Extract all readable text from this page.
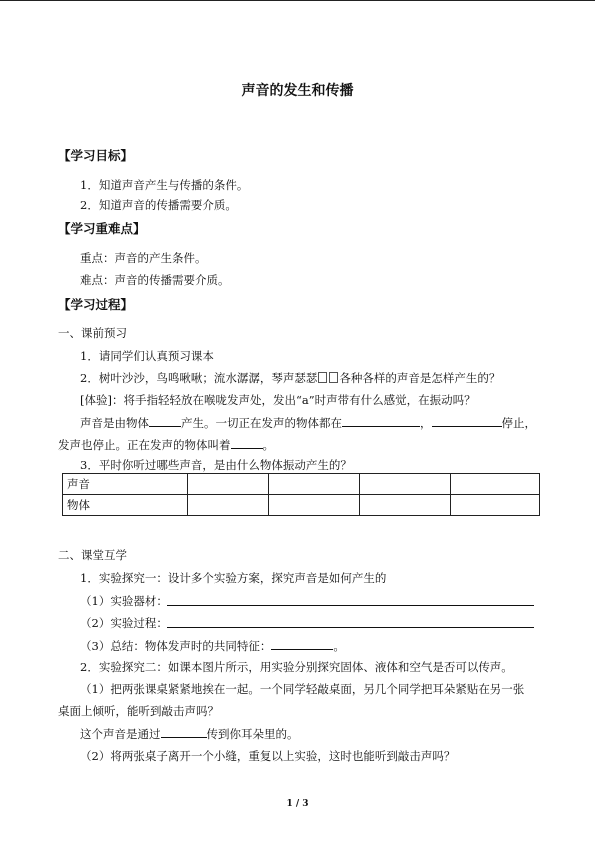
声音的发生和传播
【学习目标】
1．知道声音产生与传播的条件。
2．知道声音的传播需要介质。
【学习重难点】
重点：声音的产生条件。
难点：声音的传播需要介质。
【学习过程】
一、课前预习
1．请同学们认真预习课本
2．树叶沙沙，鸟鸣啾啾；流水潺潺，琴声瑟瑟 各种各样的声音是怎样产生的？
[体验]：将手指轻轻放在喉咙发声处，发出“a”时声带有什么感觉，在振动吗？
声音是由物体	产生。一切正在发声的物体都在	，	停止，
发声也停止。正在发声的物体叫着	。
3．平时你听过哪些声音，是由什么物体振动产生的？
声音				
物体				
二、课堂互学
1．实验探究一：设计多个实验方案，探究声音是如何产生的
（1）实验器材：
（2）实验过程：
（3）总结：物体发声时的共同特征：	。
2．实验探究二：如课本图片所示，用实验分别探究固体、液体和空气是否可以传声。
（1）把两张课桌紧紧地挨在一起。一个同学轻敲桌面，另几个同学把耳朵紧贴在另一张
桌面上倾听，能听到敲击声吗？
这个声音是通过	传到你耳朵里的。
（2）将两张桌子离开一个小缝，重复以上实验，这时也能听到敲击声吗？
1 / 3
